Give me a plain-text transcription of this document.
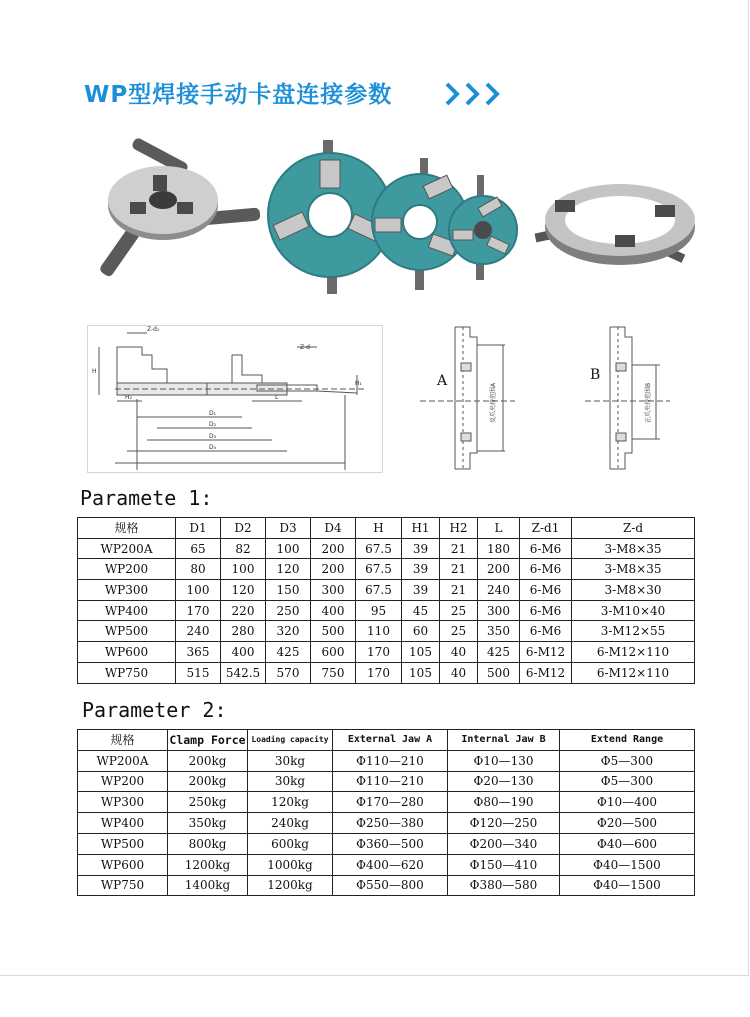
WP型焊接手动卡盘连接参数
Z-d₁
Z-d
H
H₁
H₂	L
D₁
D₂
D₃
D₄
A
反爪夹持范围A
B
正爪夹持范围B
Paramete 1:
规格	D1	D2	D3	D4	H	H1	H2	L	Z-d1	Z-d
WP200A	65	82	100	200	67.5	39	21	180	6-M6	3-M8×35
WP200	80	100	120	200	67.5	39	21	200	6-M6	3-M8×35
WP300	100	120	150	300	67.5	39	21	240	6-M6	3-M8×30
WP400	170	220	250	400	95	45	25	300	6-M6	3-M10×40
WP500	240	280	320	500	110	60	25	350	6-M6	3-M12×55
WP600	365	400	425	600	170	105	40	425	6-M12	6-M12×110
WP750	515	542.5	570	750	170	105	40	500	6-M12	6-M12×110
Parameter 2:
规格	Clamp Force	Loading capacity	External Jaw A	Internal Jaw B	Extend Range
WP200A	200kg	30kg	Φ110—210	Φ10—130	Φ5—300
WP200	200kg	30kg	Φ110—210	Φ20—130	Φ5—300
WP300	250kg	120kg	Φ170—280	Φ80—190	Φ10—400
WP400	350kg	240kg	Φ250—380	Φ120—250	Φ20—500
WP500	800kg	600kg	Φ360—500	Φ200—340	Φ40—600
WP600	1200kg	1000kg	Φ400—620	Φ150—410	Φ40—1500
WP750	1400kg	1200kg	Φ550—800	Φ380—580	Φ40—1500
